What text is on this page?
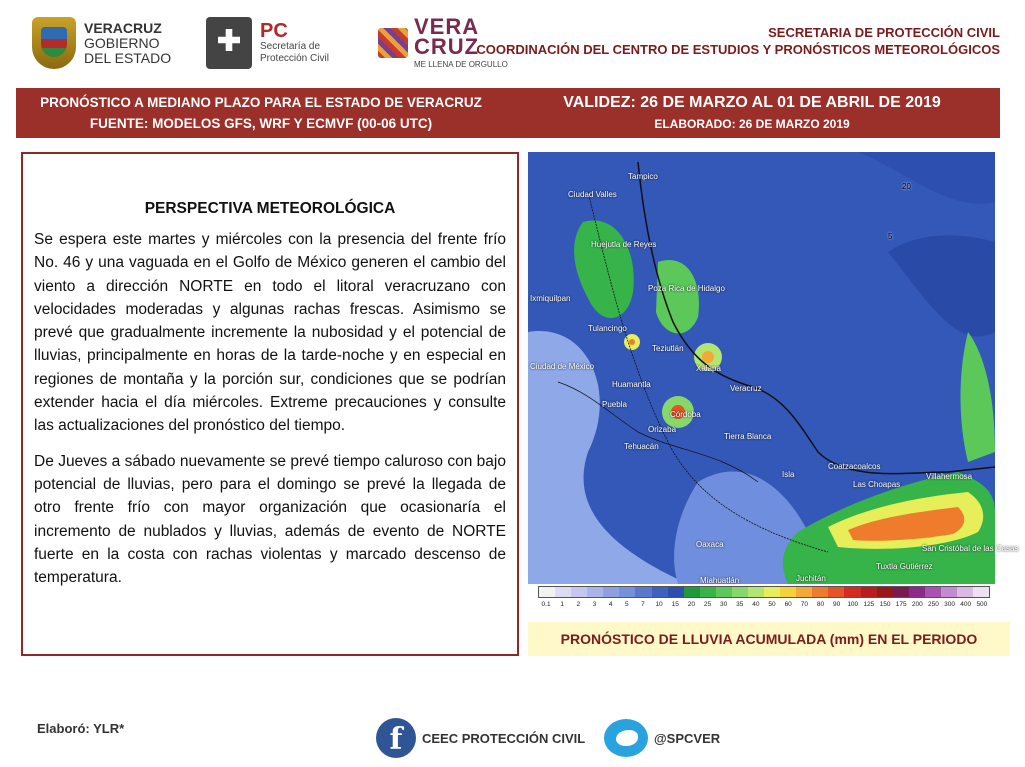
VERACRUZ
GOBIERNO
DEL ESTADO
PC
Secretaría de
Protección Civil
VERA
CRUZ
ME LLENA DE ORGULLO
SECRETARIA DE PROTECCIÓN CIVIL
COORDINACIÓN DEL CENTRO DE ESTUDIOS Y PRONÓSTICOS METEOROLÓGICOS
PRONÓSTICO A MEDIANO PLAZO PARA EL ESTADO DE VERACRUZ
FUENTE: MODELOS GFS, WRF Y ECMVF (00-06 UTC)
VALIDEZ: 26 DE MARZO AL 01 DE ABRIL DE 2019
ELABORADO: 26 DE MARZO 2019
PERSPECTIVA METEOROLÓGICA

Se espera este martes y miércoles con la presencia del frente frío No. 46 y una vaguada en el Golfo de México generen el cambio del viento a dirección NORTE en todo el litoral veracruzano con velocidades moderadas y algunas rachas frescas. Asimismo se prevé que gradualmente incremente la nubosidad y el potencial de lluvias, principalmente en horas de la tarde-noche y en especial en regiones de montaña y la porción sur, condiciones que se podrían extender hacia el día miércoles. Extreme precauciones y consulte las actualizaciones del pronóstico del tiempo.

De Jueves a sábado nuevamente se prevé tiempo caluroso con bajo potencial de lluvias, pero para el domingo se prevé la llegada de otro frente frío con mayor organización que ocasionaría el incremento de nublados y lluvias, además de evento de NORTE fuerte en la costa con rachas violentas y marcado descenso de temperatura.

Tampico
Ciudad Valles
Huejutla de Reyes
Poza Rica de Hidalgo
Ixmiquilpan
Tulancingo
Teziutlán
Xalapa
Veracruz
Huamantla
Ciudad de México
Puebla
Córdoba
Orizaba
Tehuacán
Tierra Blanca
Isla
Coatzacoalcos
Las Choapas
Villahermosa
Oaxaca	San Cristóbal de las Casas
Tuxtla Gutiérrez
Juchitán
Miahuatlán
5
20
0.1	1	2	3	4	5	7	10	15	20	25	30	35	40	50	60	70	80	90	100 125 150 175 200 250 300 400 500
PRONÓSTICO DE LLUVIA ACUMULADA (mm) EN EL PERIODO
Elaboró: YLR*	f	CEEC PROTECCIÓN CIVIL	@SPCVER
